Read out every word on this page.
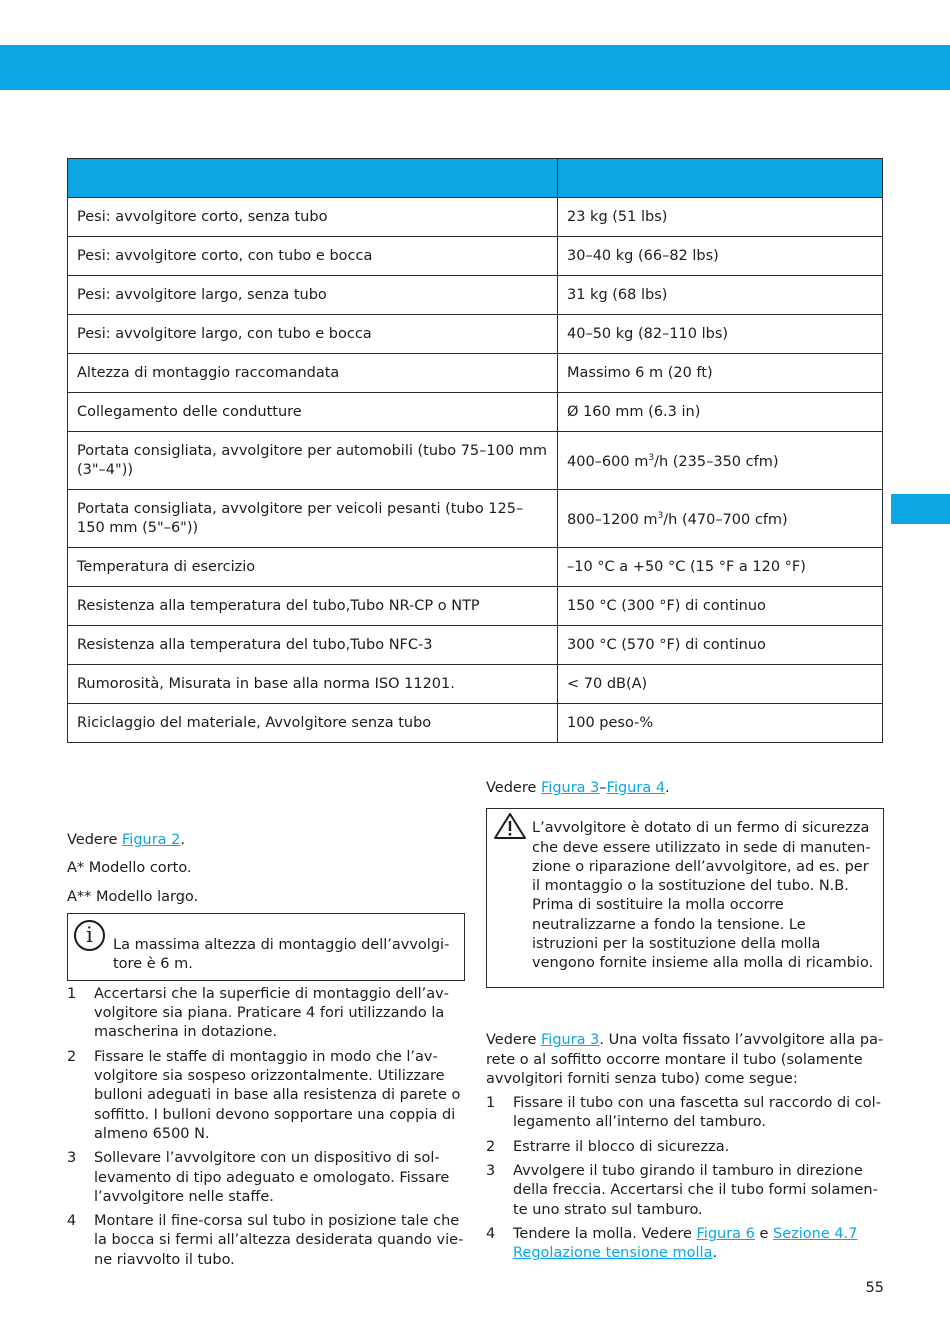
Pesi: avvolgitore corto, senza tubo	23 kg (51 lbs)
Pesi: avvolgitore corto, con tubo e bocca	30–40 kg (66–82 lbs)
Pesi: avvolgitore largo, senza tubo	31 kg (68 lbs)
Pesi: avvolgitore largo, con tubo e bocca	40–50 kg (82–110 lbs)
Altezza di montaggio raccomandata	Massimo 6 m (20 ft)
Collegamento delle condutture	Ø 160 mm (6.3 in)
Portata consigliata, avvolgitore per automobili (tubo 75–100 mm (3"–4"))	400–600 $m^3/h$ (235–350 cfm)
Portata consigliata, avvolgitore per veicoli pesanti (tubo 125–150 mm (5"–6"))	800–1200 $m^3/h$ (470–700 cfm)
Temperatura di esercizio	–10 °C a +50 °C (15 °F a 120 °F)
Resistenza alla temperatura del tubo,Tubo NR-CP o NTP	150 °C (300 °F) di continuo
Resistenza alla temperatura del tubo,Tubo NFC-3	300 °C (570 °F) di continuo
Rumorosità, Misurata in base alla norma ISO 11201.	< 70 dB(A)
Riciclaggio del materiale, Avvolgitore senza tubo	100 peso-%

Vedere Figura 2.

A* Modello corto.

A** Modello largo.

i	La massima altezza di montaggio dell’avvolgitore è 6 m.
1 Accertarsi che la superficie di montaggio dell’avvolgitore sia piana. Praticare 4 fori utilizzando la mascherina in dotazione.
2 Fissare le staffe di montaggio in modo che l’avvolgitore sia sospeso orizzontalmente. Utilizzare bulloni adeguati in base alla resistenza di parete o soffitto. I bulloni devono sopportare una coppia di almeno 6500 N.
3 Sollevare l’avvolgitore con un dispositivo di sollevamento di tipo adeguato e omologato. Fissare l’avvolgitore nelle staffe.
4 Montare il fine-corsa sul tubo in posizione tale che la bocca si fermi all’altezza desiderata quando viene riavvolto il tubo.

Vedere Figura 3–Figura 4.

L’avvolgitore è dotato di un fermo di sicurezza che deve essere utilizzato in sede di manutenzione o riparazione dell’avvolgitore, ad es. per il montaggio o la sostituzione del tubo. N.B. Prima di sostituire la molla occorre neutralizzarne a fondo la tensione. Le istruzioni per la sostituzione della molla vengono fornite insieme alla molla di ricambio.

Vedere Figura 3. Una volta fissato l’avvolgitore alla parete o al soffitto occorre montare il tubo (solamente avvolgitori forniti senza tubo) come segue:

1 Fissare il tubo con una fascetta sul raccordo di collegamento all’interno del tamburo.
2 Estrarre il blocco di sicurezza.
3 Avvolgere il tubo girando il tamburo in direzione della freccia. Accertarsi che il tubo formi solamente uno strato sul tamburo.
4 Tendere la molla. Vedere Figura 6 e Sezione 4.7 Regolazione tensione molla.
55
